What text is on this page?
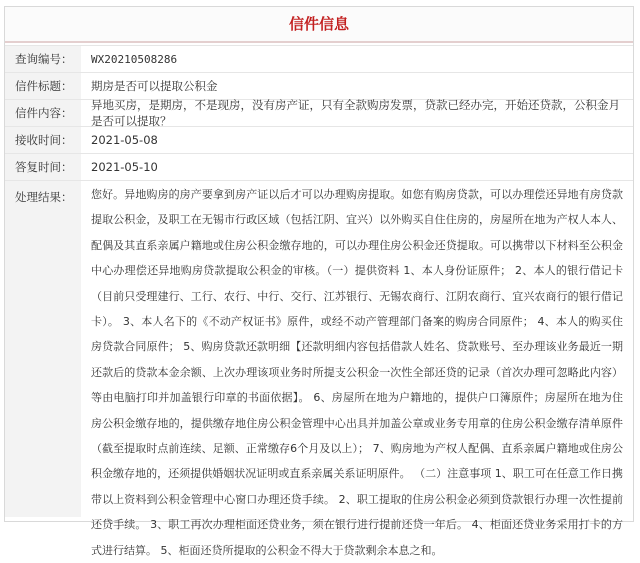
信件信息
查询编号：	WX20210508286
信件标题：	期房是否可以提取公积金
信件内容：
异地买房，是期房，不是现房，没有房产证，只有全款购房发票，贷款已经办完，开始还贷款，公积金月是否可以提取？
接收时间：	2021-05-08
答复时间：	2021-05-10
处理结果：	您好。异地购房的房产要拿到房产证以后才可以办理购房提取。如您有购房贷款，可以办理偿还异地有房贷款提取公积金，及职工在无锡市行政区域（包括江阴、宜兴）以外购买自住住房的，房屋所在地为产权人本人、配偶及其直系亲属户籍地或住房公积金缴存地的，可以办理住房公积金还贷提取。可以携带以下材料至公积金中心办理偿还异地购房贷款提取公积金的审核。（一）提供资料 1、本人身份证原件； 2、本人的银行借记卡（目前只受理建行、工行、农行、中行、交行、江苏银行、无锡农商行、江阴农商行、宜兴农商行的银行借记卡）。 3、本人名下的《不动产权证书》原件，或经不动产管理部门备案的购房合同原件； 4、本人的购买住房贷款合同原件； 5、购房贷款还款明细【还款明细内容包括借款人姓名、贷款账号、至办理该业务最近一期还款后的贷款本金余额、上次办理该项业务时所提支公积金一次性全部还贷的记录（首次办理可忽略此内容）等由电脑打印并加盖银行印章的书面依据】。 6、房屋所在地为户籍地的，提供户口簿原件；房屋所在地为住房公积金缴存地的，提供缴存地住房公积金管理中心出具并加盖公章或业务专用章的住房公积金缴存清单原件（截至提取时点前连续、足额、正常缴存6个月及以上）； 7、购房地为产权人配偶、直系亲属户籍地或住房公积金缴存地的，还须提供婚姻状况证明或直系亲属关系证明原件。 （二）注意事项 1、职工可在任意工作日携带以上资料到公积金管理中心窗口办理还贷手续。 2、职工提取的住房公积金必须到贷款银行办理一次性提前还贷手续。 3、职工再次办理柜面还贷业务，须在银行进行提前还贷一年后。 4、柜面还贷业务采用打卡的方式进行结算。 5、柜面还贷所提取的公积金不得大于贷款剩余本息之和。
